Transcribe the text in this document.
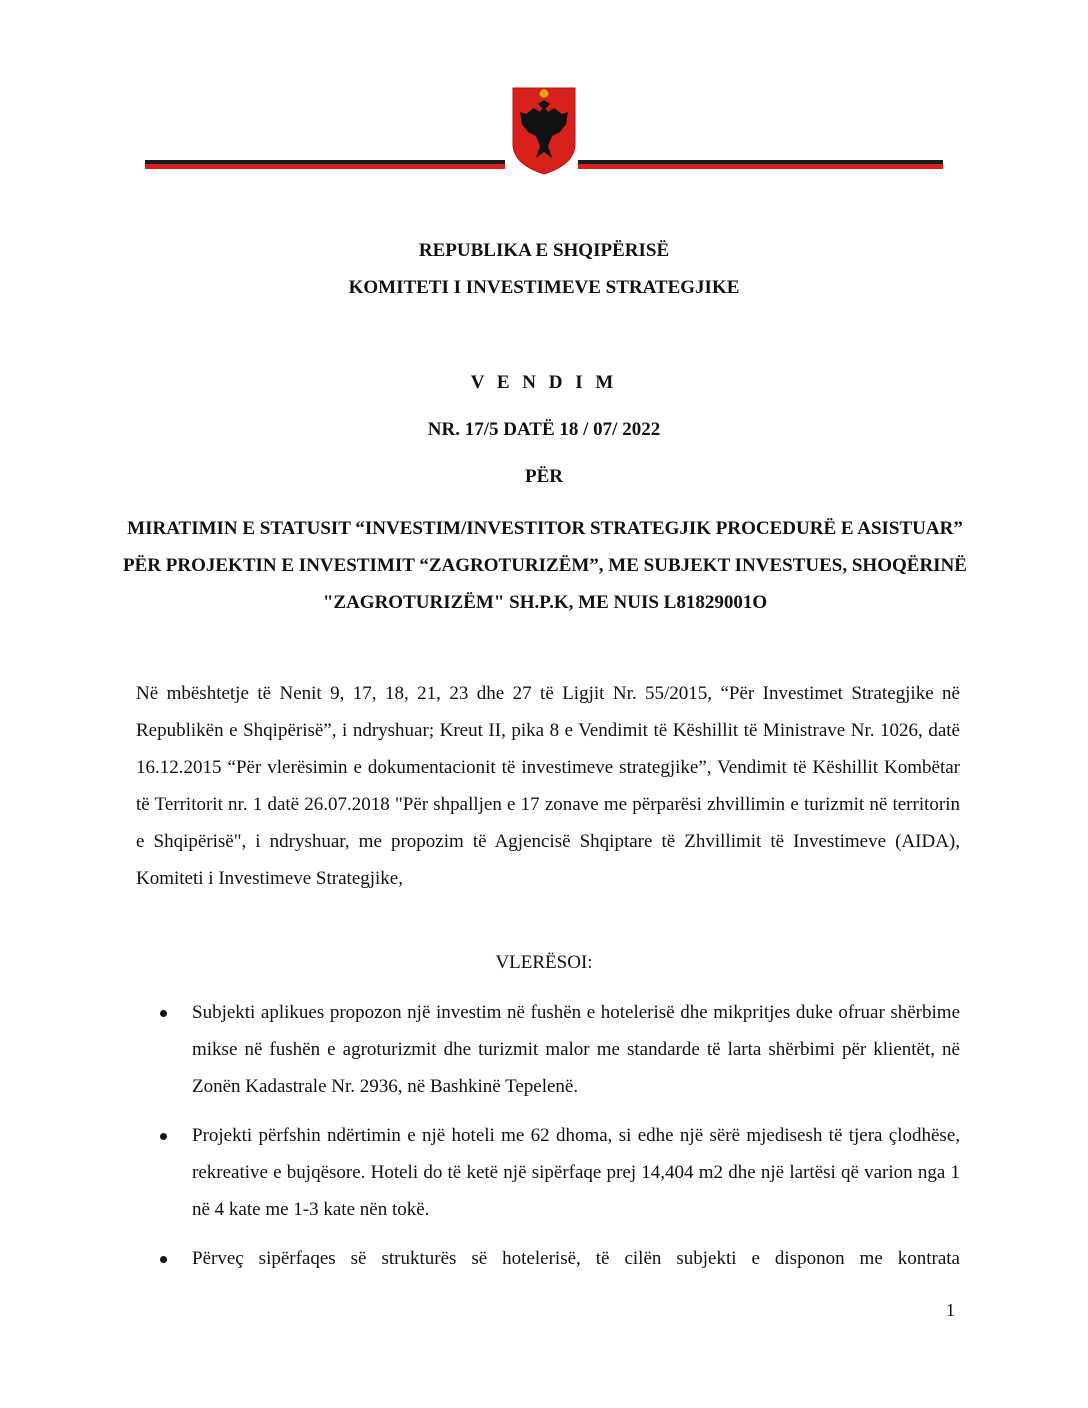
REPUBLIKA E SHQIPËRISË
KOMITETI I INVESTIMEVE STRATEGJIKE
V E N D I M
NR. 17/5 DATË 18 / 07/ 2022
PËR
MIRATIMIN E STATUSIT “INVESTIM/INVESTITOR STRATEGJIK PROCEDURË E ASISTUAR” PËR PROJEKTIN E INVESTIMIT “ZAGROTURIZËM”, ME SUBJEKT INVESTUES, SHOQËRINË "ZAGROTURIZËM" SH.P.K, ME NUIS L81829001O
Në mbështetje të Nenit 9, 17, 18, 21, 23 dhe 27 të Ligjit Nr. 55/2015, “Për Investimet Strategjike në Republikën e Shqipërisë”, i ndryshuar; Kreut II, pika 8 e Vendimit të Këshillit të Ministrave Nr. 1026, datë 16.12.2015 “Për vlerësimin e dokumentacionit të investimeve strategjike”, Vendimit të Këshillit Kombëtar të Territorit nr. 1 datë 26.07.2018 "Për shpalljen e 17 zonave me përparësi zhvillimin e turizmit në territorin e Shqipërisë", i ndryshuar, me propozim të Agjencisë Shqiptare të Zhvillimit të Investimeve (AIDA), Komiteti i Investimeve Strategjike,
VLERËSOI:
Subjekti aplikues propozon një investim në fushën e hotelerisë dhe mikpritjes duke ofruar shërbime mikse në fushën e agroturizmit dhe turizmit malor me standarde të larta shërbimi për klientët, në Zonën Kadastrale Nr. 2936, në Bashkinë Tepelenë.
Projekti përfshin ndërtimin e një hoteli me 62 dhoma, si edhe një sërë mjedisesh të tjera çlodhëse, rekreative e bujqësore. Hoteli do të ketë një sipërfaqe prej 14,404 m2 dhe një lartësi që varion nga 1 në 4 kate me 1-3 kate nën tokë.
Përveç sipërfaqes së strukturës së hotelerisë, të cilën subjekti e disponon me kontrata
1
